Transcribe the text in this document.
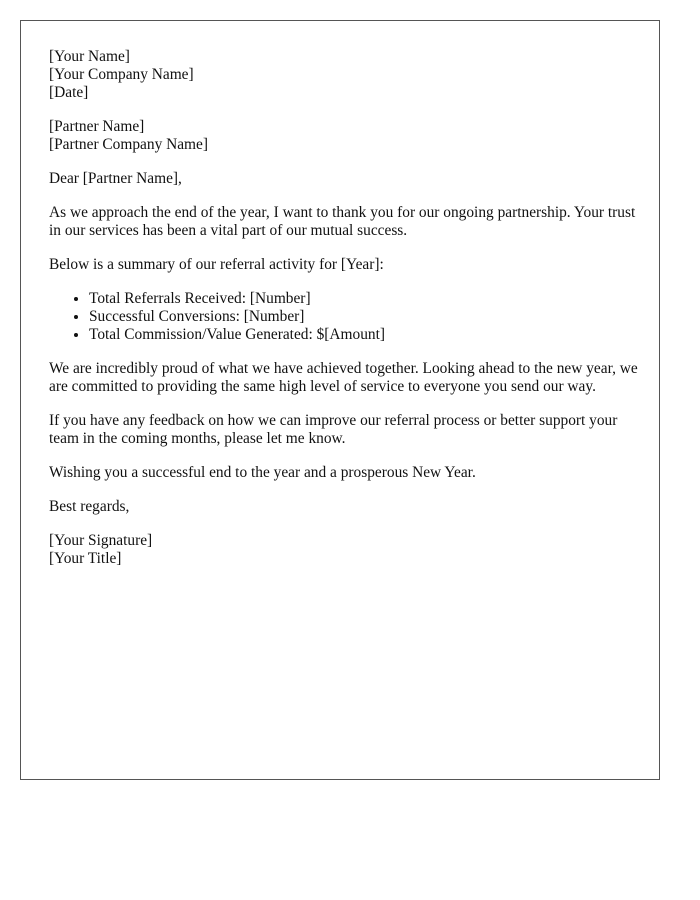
[Your Name]
[Your Company Name]
[Date]
[Partner Name]
[Partner Company Name]

Dear [Partner Name],

As we approach the end of the year, I want to thank you for our ongoing partnership. Your trust in our services has been a vital part of our mutual success.

Below is a summary of our referral activity for [Year]:

• Total Referrals Received: [Number]
• Successful Conversions: [Number]
• Total Commission/Value Generated: $[Amount]

We are incredibly proud of what we have achieved together. Looking ahead to the new year, we are committed to providing the same high level of service to everyone you send our way.

If you have any feedback on how we can improve our referral process or better support your team in the coming months, please let me know.

Wishing you a successful end to the year and a prosperous New Year.

Best regards,

[Your Signature]
[Your Title]
